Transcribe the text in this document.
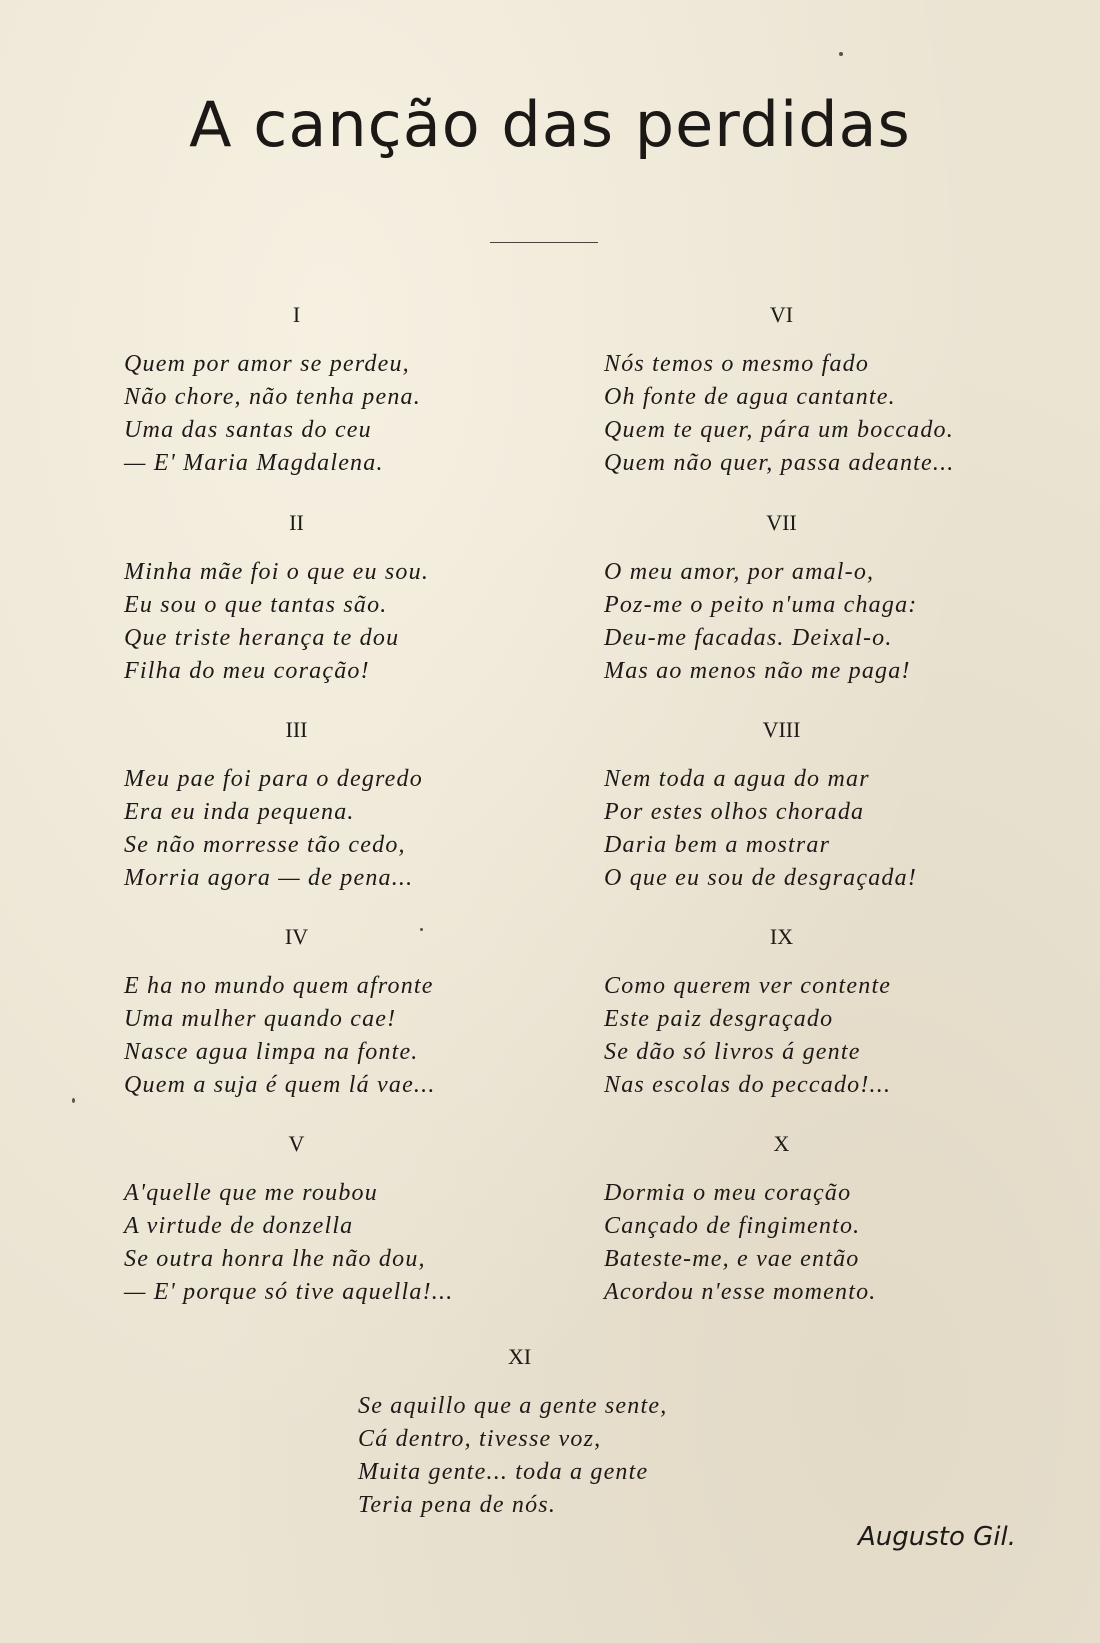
A canção das perdidas
I
Quem por amor se perdeu,
Não chore, não tenha pena.
Uma das santas do ceu
— E' Maria Magdalena.
II
Minha mãe foi o que eu sou.
Eu sou o que tantas são.
Que triste herança te dou
Filha do meu coração!
III
Meu pae foi para o degredo
Era eu inda pequena.
Se não morresse tão cedo,
Morria agora — de pena...
IV
E ha no mundo quem afronte
Uma mulher quando cae!
Nasce agua limpa na fonte.
Quem a suja é quem lá vae...
V
A'quelle que me roubou
A virtude de donzella
Se outra honra lhe não dou,
— E' porque só tive aquella!...
VI
Nós temos o mesmo fado
Oh fonte de agua cantante.
Quem te quer, pára um boccado.
Quem não quer, passa adeante...
VII
O meu amor, por amal-o,
Poz-me o peito n'uma chaga:
Deu-me facadas. Deixal-o.
Mas ao menos não me paga!
VIII
Nem toda a agua do mar
Por estes olhos chorada
Daria bem a mostrar
O que eu sou de desgraçada!
IX
Como querem ver contente
Este paiz desgraçado
Se dão só livros á gente
Nas escolas do peccado!...
X
Dormia o meu coração
Cançado de fingimento.
Bateste-me, e vae então
Acordou n'esse momento.
XI
Se aquillo que a gente sente,
Cá dentro, tivesse voz,
Muita gente... toda a gente
Teria pena de nós.
Augusto Gil.
